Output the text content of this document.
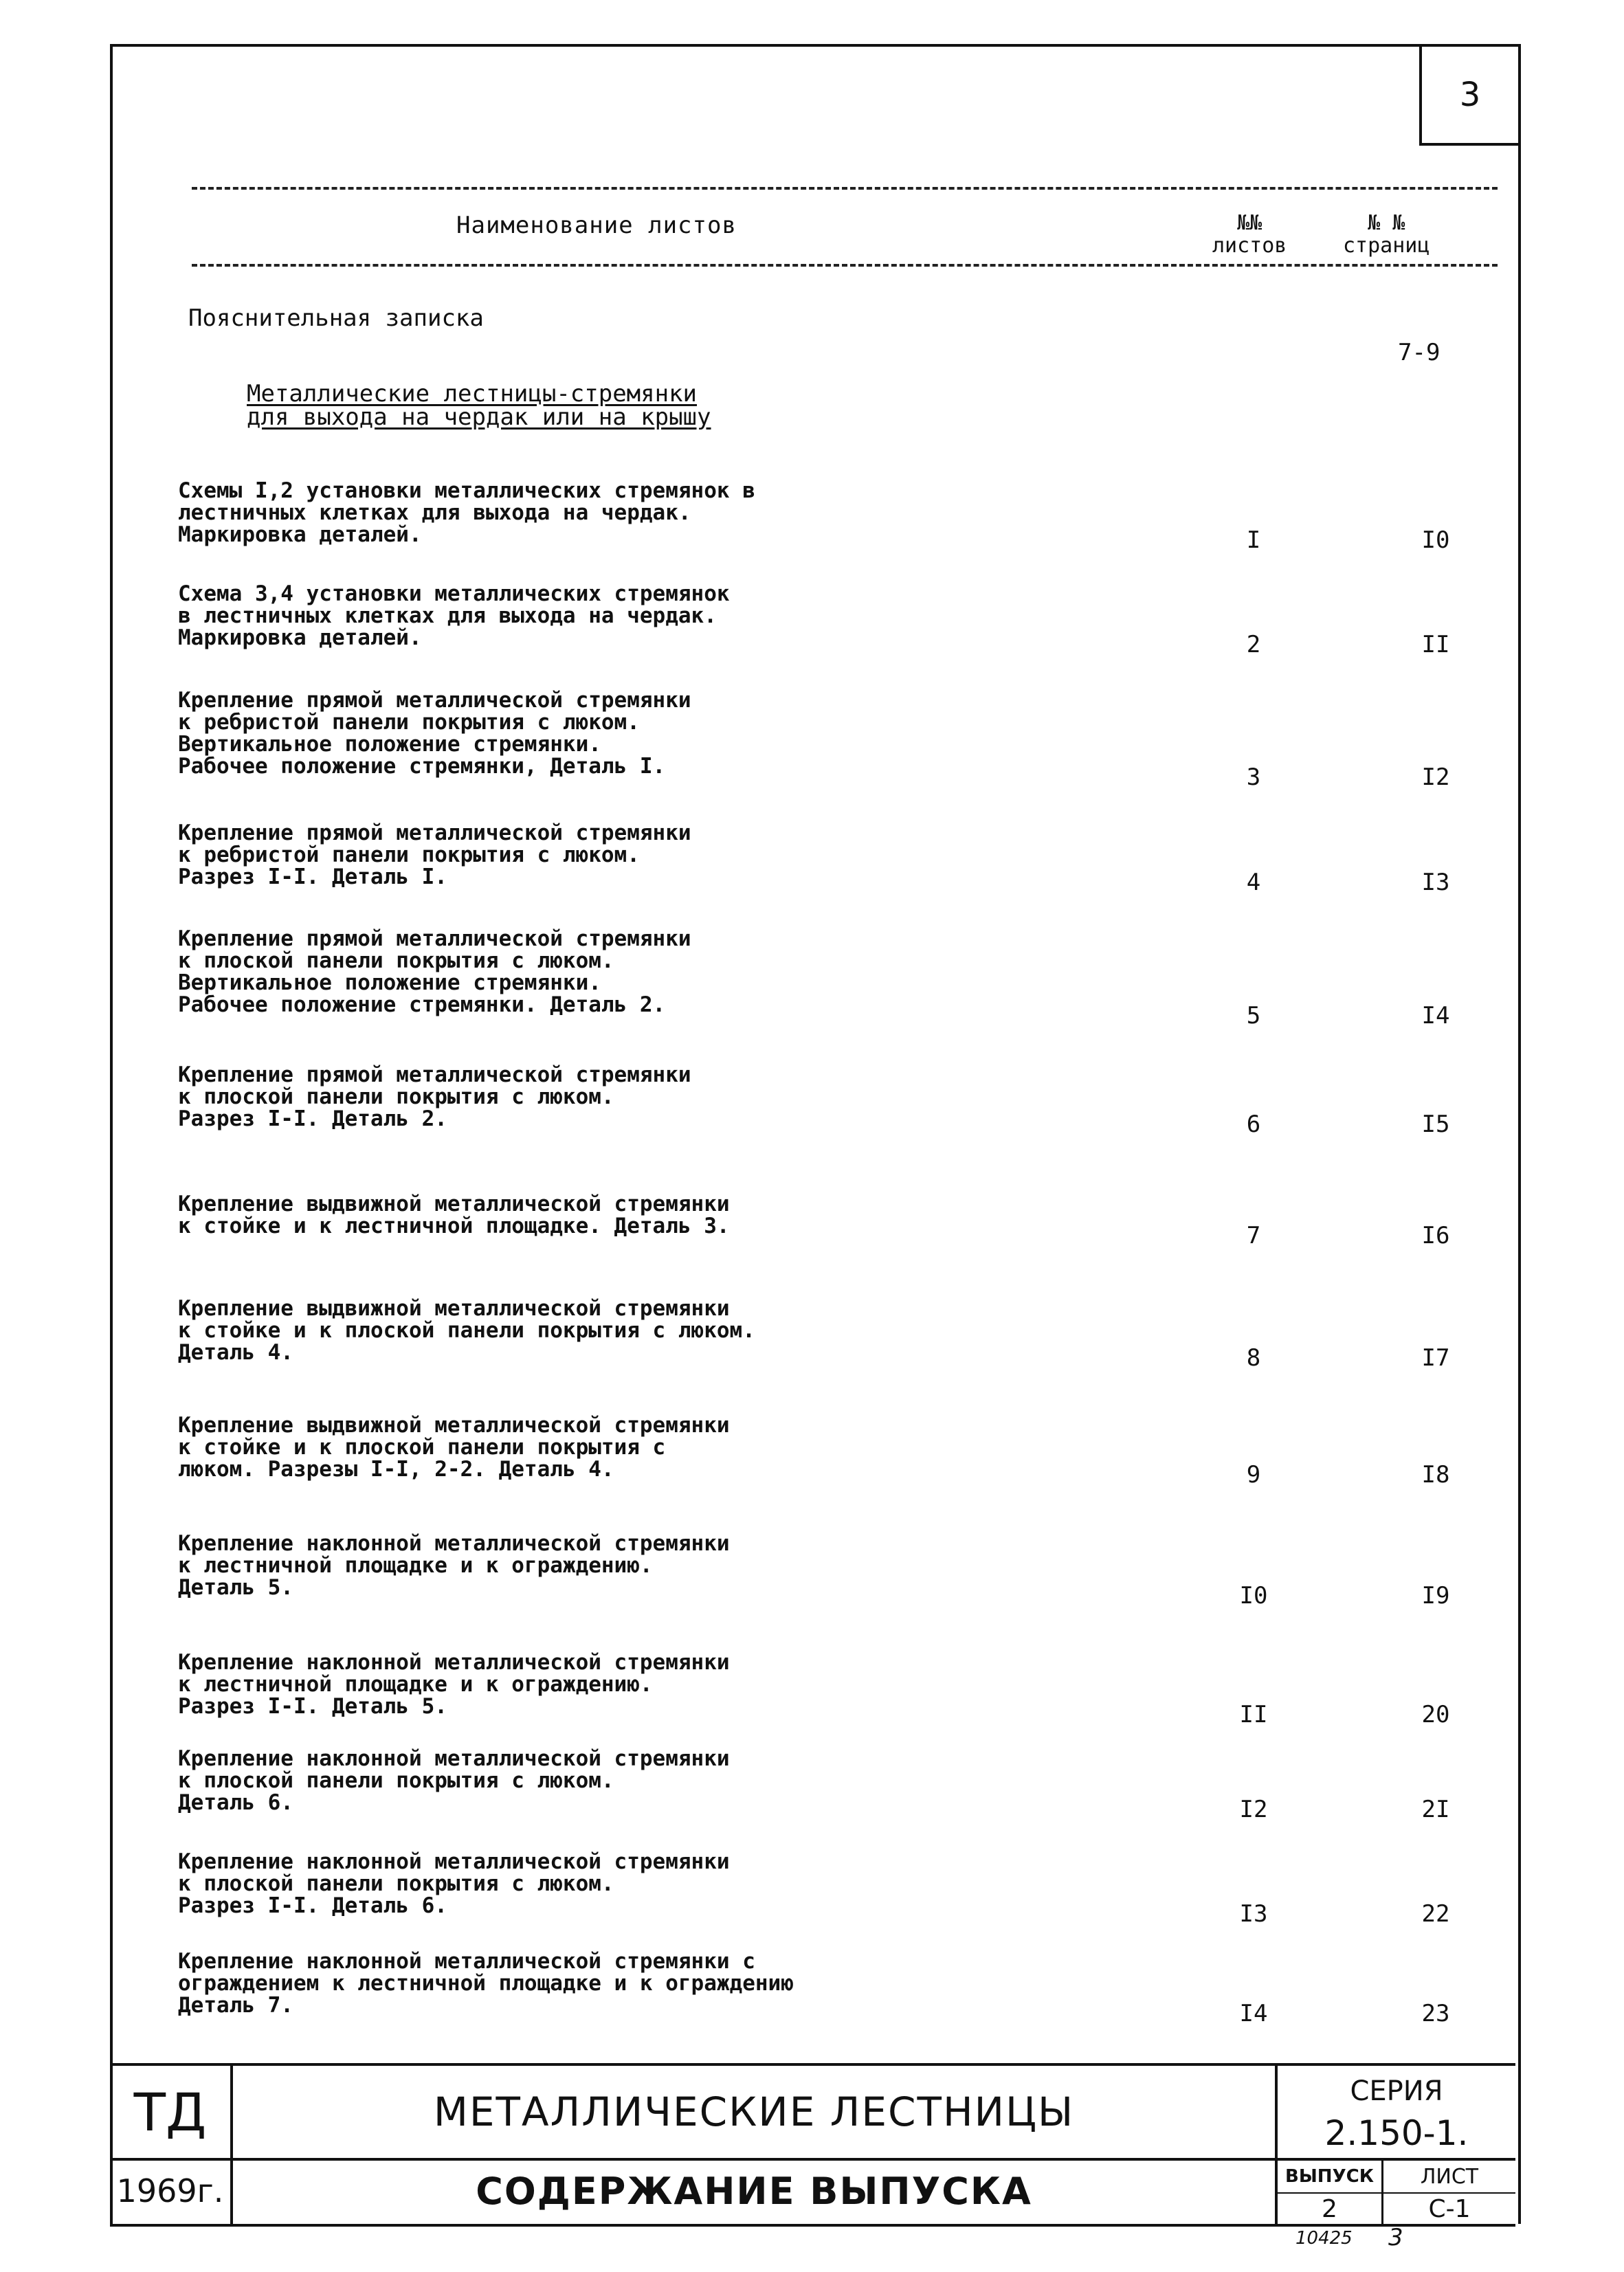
3
Наименование листов	№№
листов
№ №
страниц
Пояснительная записка
7-9
Металлические лестницы-стремянки
для выхода на чердак или на крышу
Схемы I,2 установки металлических стремянок в
лестничных клетках для выхода на чердак.
Маркировка деталей.	I	I0
Схема 3,4 установки металлических стремянок
в лестничных клетках для выхода на чердак.
Маркировка деталей.	2	II
Крепление прямой металлической стремянки
к ребристой панели покрытия с люком.
Вертикальное положение стремянки.
Рабочее положение стремянки, Деталь I.	3	I2
Крепление прямой металлической стремянки
к ребристой панели покрытия с люком.
Разрез I-I. Деталь I.	4	I3
Крепление прямой металлической стремянки
к плоской панели покрытия с люком.
Вертикальное положение стремянки.
Рабочее положение стремянки. Деталь 2.	5	I4
Крепление прямой металлической стремянки
к плоской панели покрытия с люком.
Разрез I-I. Деталь 2.	6	I5
Крепление выдвижной металлической стремянки
к стойке и к лестничной площадке. Деталь 3.	7	I6
Крепление выдвижной металлической стремянки
к стойке и к плоской панели покрытия с люком.
Деталь 4.	8	I7
Крепление выдвижной металлической стремянки
к стойке и к плоской панели покрытия с
люком. Разрезы I-I, 2-2. Деталь 4.	9	I8
Крепление наклонной металлической стремянки
к лестничной площадке и к ограждению.
Деталь 5.	I0	I9
Крепление наклонной металлической стремянки
к лестничной площадке и к ограждению.
Разрез I-I. Деталь 5.	II	20
Крепление наклонной металлической стремянки
к плоской панели покрытия с люком.
Деталь 6.	I2	2I
Крепление наклонной металлической стремянки
к плоской панели покрытия с люком.
Разрез I-I. Деталь 6.	I3	22
Крепление наклонной металлической стремянки с
ограждением к лестничной площадке и к ограждению
Деталь 7.	I4	23
ТД
1969г.
МЕТАЛЛИЧЕСКИЕ ЛЕСТНИЦЫ
СОДЕРЖАНИЕ ВЫПУСКА
СЕРИЯ
2.150-1.
ВЫПУСК
2
ЛИСТ
С-1
10425 3
